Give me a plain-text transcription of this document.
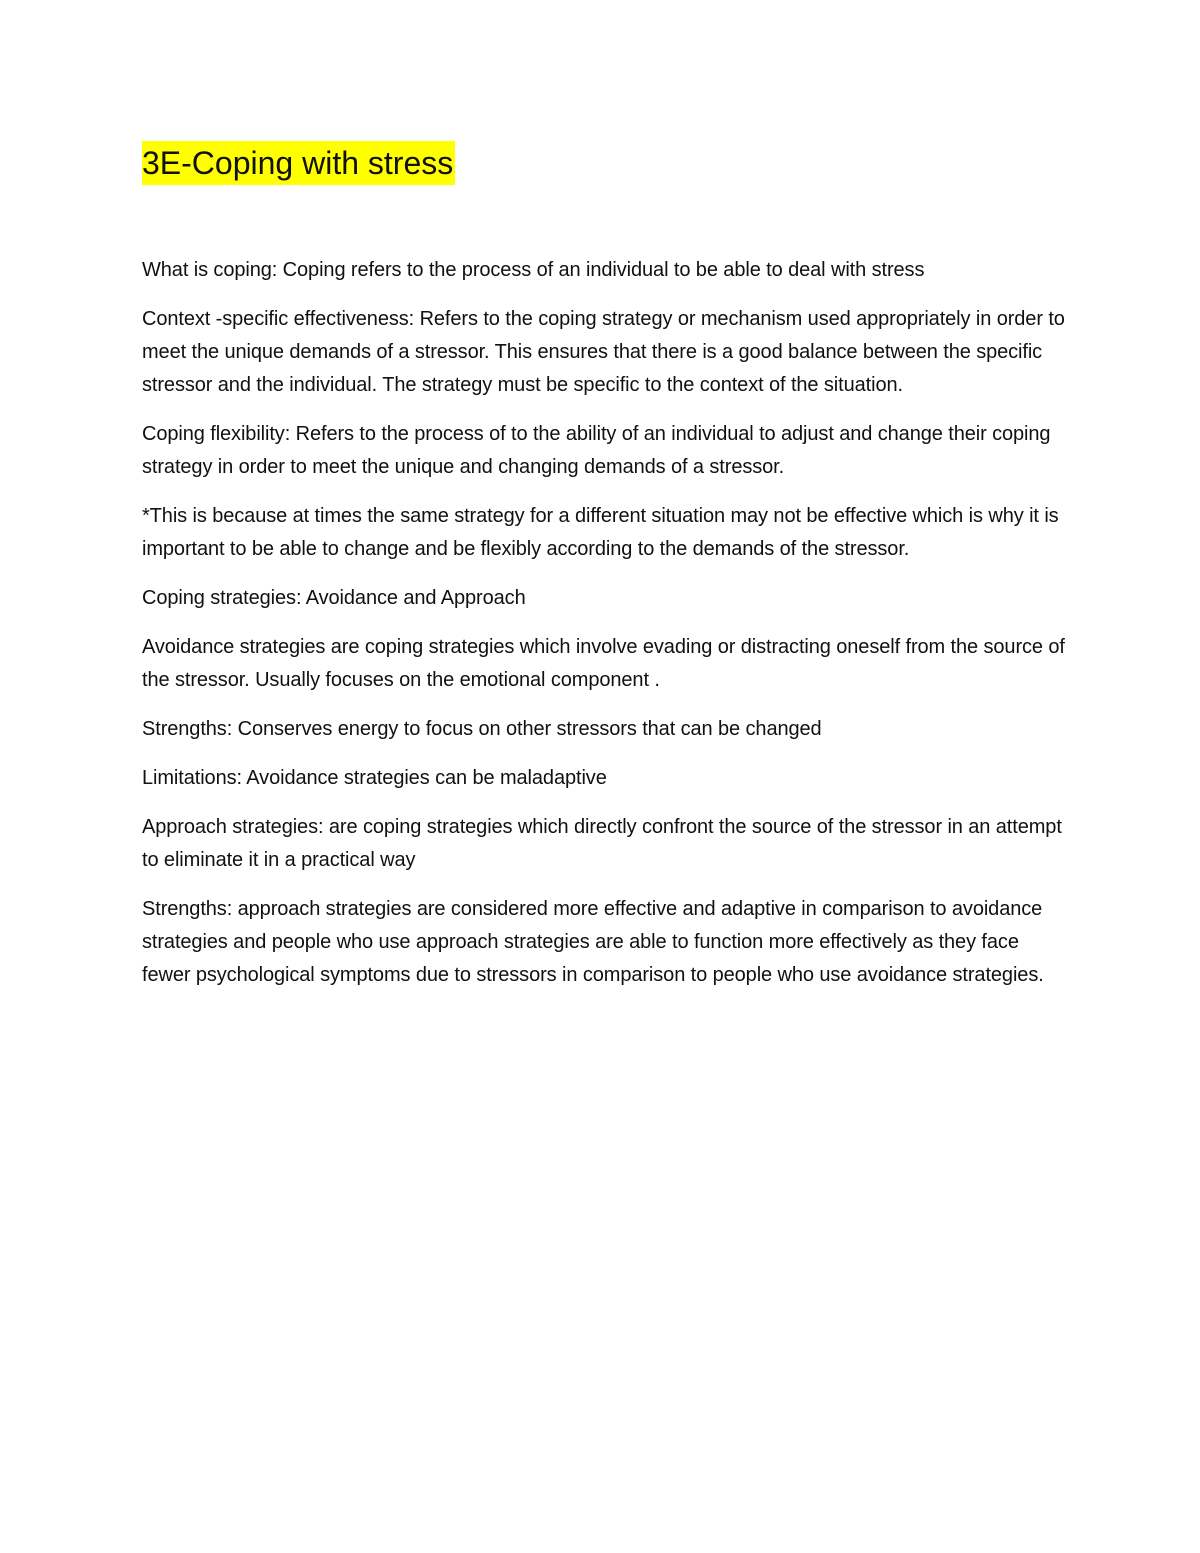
3E-Coping with stress

What is coping: Coping refers to the process of an individual to be able to deal with stress

Context -specific effectiveness: Refers to the coping strategy or mechanism used appropriately in order to meet the unique demands of a stressor. This ensures that there is a good balance between the specific stressor and the individual. The strategy must be specific to the context of the situation.

Coping flexibility: Refers to the process of to the ability of an individual to adjust and change their coping strategy in order to meet the unique and changing demands of a stressor.

*This is because at times the same strategy for a different situation may not be effective which is why it is important to be able to change and be flexibly according to the demands of the stressor.

Coping strategies: Avoidance and Approach

Avoidance strategies are coping strategies which involve evading or distracting oneself from the source of the stressor. Usually focuses on the emotional component .

Strengths: Conserves energy to focus on other stressors that can be changed

Limitations: Avoidance strategies can be maladaptive

Approach strategies: are coping strategies which directly confront the source of the stressor in an attempt to eliminate it in a practical way

Strengths: approach strategies are considered more effective and adaptive in comparison to avoidance strategies and people who use approach strategies are able to function more effectively as they face fewer psychological symptoms due to stressors in comparison to people who use avoidance strategies.
